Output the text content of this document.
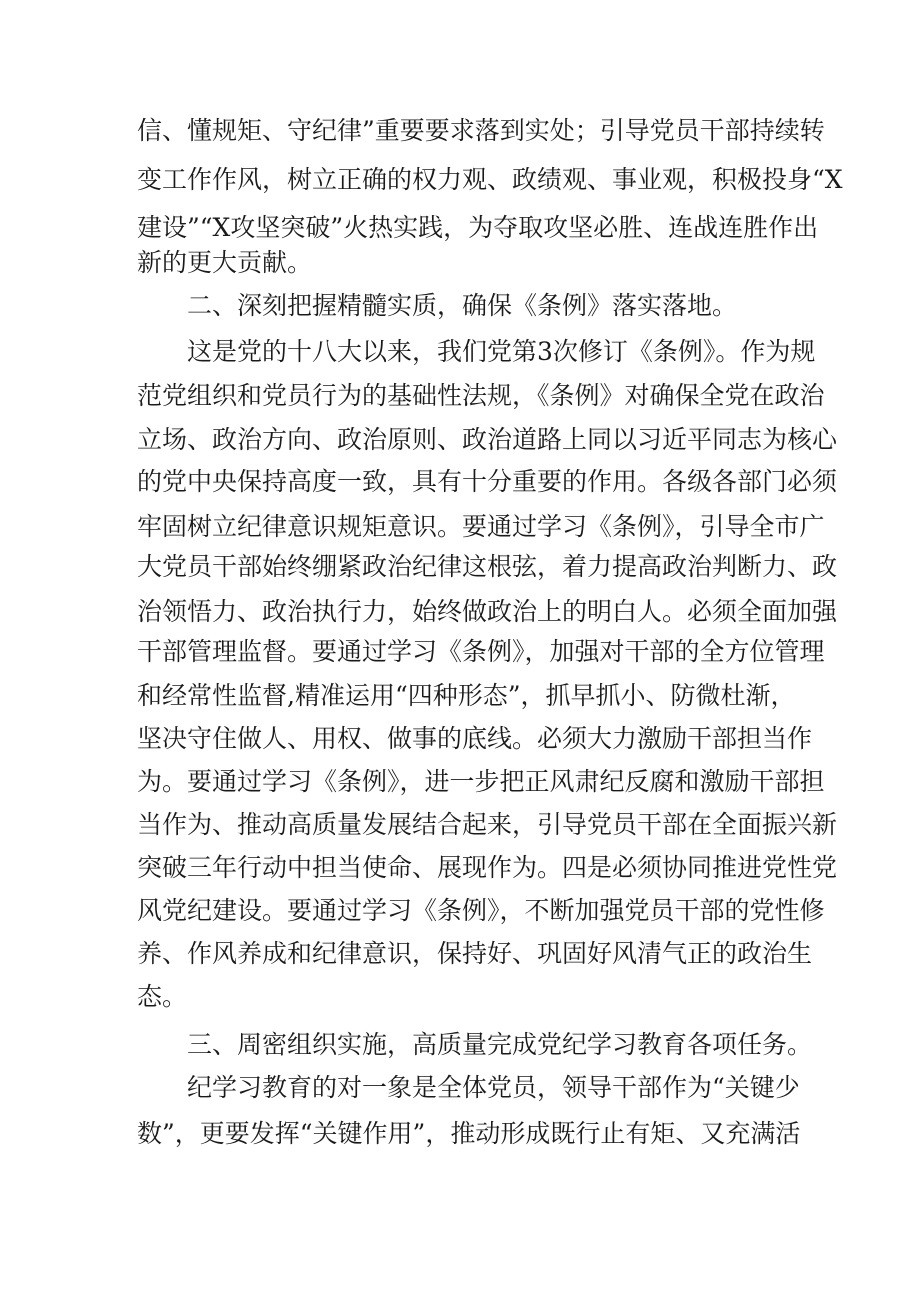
信、懂规矩、守纪律”重要要求落到实处；引导党员干部持续转
变工作作风，树立正确的权力观、政绩观、事业观，积极投身“X
建设”“X攻坚突破”火热实践，为夺取攻坚必胜、连战连胜作出
新的更大贡献。
二、深刻把握精髓实质，确保《条例》落实落地。
这是党的十八大以来，我们党第3次修订《条例》。作为规
范党组织和党员行为的基础性法规，《条例》对确保全党在政治
立场、政治方向、政治原则、政治道路上同以习近平同志为核心
的党中央保持高度一致，具有十分重要的作用。各级各部门必须
牢固树立纪律意识规矩意识。要通过学习《条例》，引导全市广
大党员干部始终绷紧政治纪律这根弦，着力提高政治判断力、政
治领悟力、政治执行力，始终做政治上的明白人。必须全面加强
干部管理监督。要通过学习《条例》，加强对干部的全方位管理
和经常性监督,精准运用“四种形态”，抓早抓小、防微杜渐，
坚决守住做人、用权、做事的底线。必须大力激励干部担当作
为。要通过学习《条例》，进一步把正风肃纪反腐和激励干部担
当作为、推动高质量发展结合起来，引导党员干部在全面振兴新
突破三年行动中担当使命、展现作为。四是必须协同推进党性党
风党纪建设。要通过学习《条例》，不断加强党员干部的党性修
养、作风养成和纪律意识，保持好、巩固好风清气正的政治生
态。
三、周密组织实施，高质量完成党纪学习教育各项任务。
纪学习教育的对一象是全体党员，领导干部作为“关键少
数”，更要发挥“关键作用”，推动形成既行止有矩、又充满活
